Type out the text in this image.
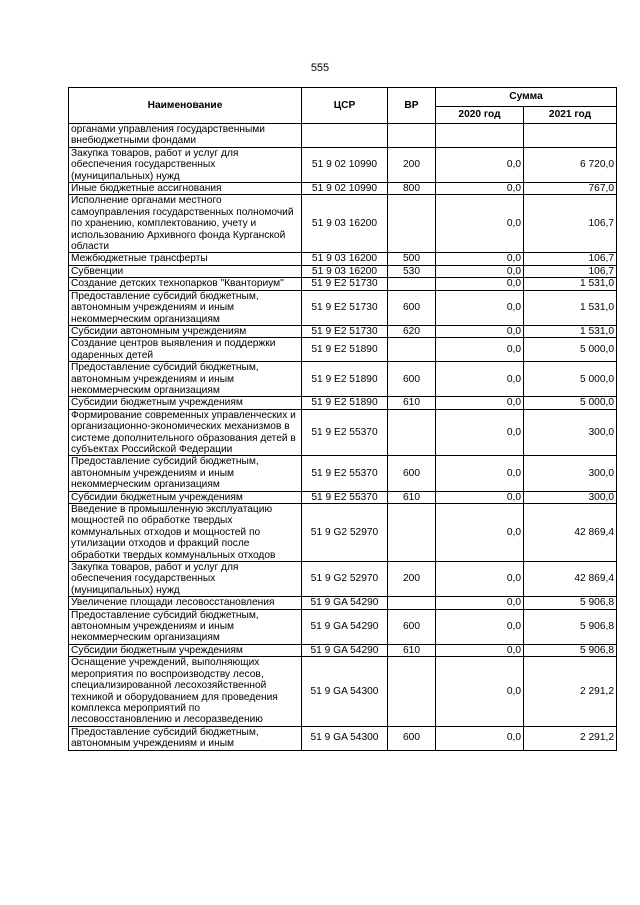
555
Наименование	ЦСР	ВР	Сумма	
			2020 год	2021 год
органами управления государственными внебюджетными фондами				
Закупка товаров, работ и услуг для обеспечения государственных (муниципальных) нужд	51 9 02 10990	200	0,0	6 720,0
Иные бюджетные ассигнования	51 9 02 10990	800	0,0	767,0
Исполнение органами местного самоуправления государственных полномочий по хранению, комплектованию, учету и использованию Архивного фонда Курганской области	51 9 03 16200		0,0	106,7
Межбюджетные трансферты	51 9 03 16200	500	0,0	106,7
Субвенции	51 9 03 16200	530	0,0	106,7
Создание детских технопарков "Кванториум"	51 9 E2 51730		0,0	1 531,0
Предоставление субсидий бюджетным, автономным учреждениям и иным некоммерческим организациям	51 9 E2 51730	600	0,0	1 531,0
Субсидии автономным учреждениям	51 9 E2 51730	620	0,0	1 531,0
Создание центров выявления и поддержки одаренных детей	51 9 E2 51890		0,0	5 000,0
Предоставление субсидий бюджетным, автономным учреждениям и иным некоммерческим организациям	51 9 E2 51890	600	0,0	5 000,0
Субсидии бюджетным учреждениям	51 9 E2 51890	610	0,0	5 000,0
Формирование современных управленческих и организационно-экономических механизмов в системе дополнительного образования детей в субъектах Российской Федерации	51 9 E2 55370		0,0	300,0
Предоставление субсидий бюджетным, автономным учреждениям и иным некоммерческим организациям	51 9 E2 55370	600	0,0	300,0
Субсидии бюджетным учреждениям	51 9 E2 55370	610	0,0	300,0
Введение в промышленную эксплуатацию мощностей по обработке твердых коммунальных отходов и мощностей по утилизации отходов и фракций после обработки твердых коммунальных отходов	51 9 G2 52970		0,0	42 869,4
Закупка товаров, работ и услуг для обеспечения государственных (муниципальных) нужд	51 9 G2 52970	200	0,0	42 869,4
Увеличение площади лесовосстановления	51 9 GA 54290		0,0	5 906,8
Предоставление субсидий бюджетным, автономным учреждениям и иным некоммерческим организациям	51 9 GA 54290	600	0,0	5 906,8
Субсидии бюджетным учреждениям	51 9 GA 54290	610	0,0	5 906,8
Оснащение учреждений, выполняющих мероприятия по воспроизводству лесов, специализированной лесохозяйственной техникой и оборудованием для проведения комплекса мероприятий по лесовосстановлению и лесоразведению	51 9 GA 54300		0,0	2 291,2
Предоставление субсидий бюджетным, автономным учреждениям и иным	51 9 GA 54300	600	0,0	2 291,2
